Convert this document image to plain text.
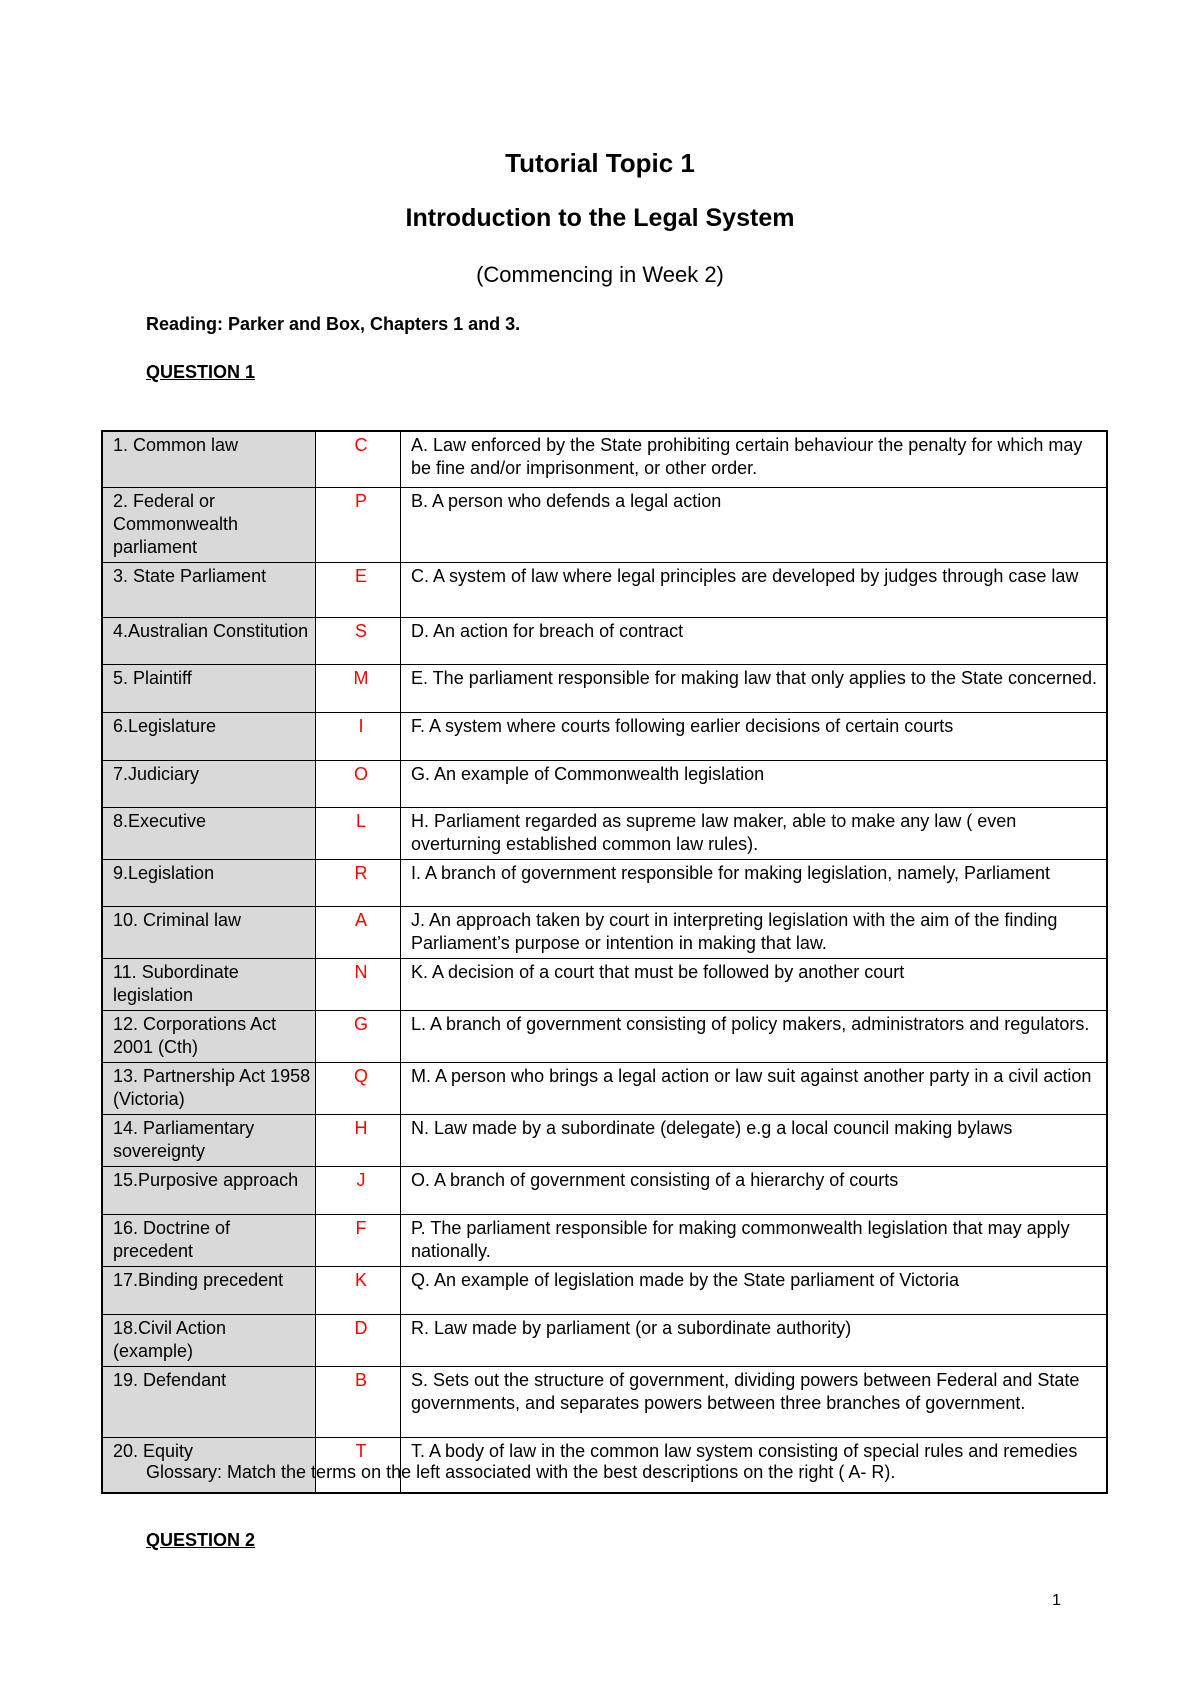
Tutorial Topic 1
Introduction to the Legal System
(Commencing in Week 2)
Reading: Parker and Box, Chapters 1 and 3.
QUESTION 1
1. Common law	C	A. Law enforced by the State prohibiting certain behaviour the penalty for which may be fine and/or imprisonment, or other order.
2. Federal or Commonwealth parliament	P	B. A person who defends a legal action
3. State Parliament	E	C. A system of law where legal principles are developed by judges through case law
4.Australian Constitution	S	D. An action for breach of contract
5. Plaintiff	M	E. The parliament responsible for making law that only applies to the State concerned.
6.Legislature	I	F. A system where courts following earlier decisions of certain courts
7.Judiciary	O	G. An example of Commonwealth legislation
8.Executive	L	H. Parliament regarded as supreme law maker, able to make any law ( even overturning established common law rules).
9.Legislation	R	I. A branch of government responsible for making legislation, namely, Parliament
10. Criminal law	A	J. An approach taken by court in interpreting legislation with the aim of the finding Parliament’s purpose or intention in making that law.
11. Subordinate legislation	N	K. A decision of a court that must be followed by another court
12. Corporations Act 2001 (Cth)	G	L. A branch of government consisting of policy makers, administrators and regulators.
13. Partnership Act 1958 (Victoria)	Q	M. A person who brings a legal action or law suit against another party in a civil action
14. Parliamentary sovereignty	H	N. Law made by a subordinate (delegate) e.g a local council making bylaws
15.Purposive approach	J	O. A branch of government consisting of a hierarchy of courts
16. Doctrine of precedent	F	P. The parliament responsible for making commonwealth legislation that may apply nationally.
17.Binding precedent	K	Q. An example of legislation made by the State parliament of Victoria
18.Civil Action (example)	D	R. Law made by parliament (or a subordinate authority)
19. Defendant	B	S. Sets out the structure of government, dividing powers between Federal and State governments, and separates powers between three branches of government.
20. Equity	T	T. A body of law in the common law system consisting of special rules and remedies
Glossary: Match the terms on the left associated with the best descriptions on the right ( A- R).
QUESTION 2
1
